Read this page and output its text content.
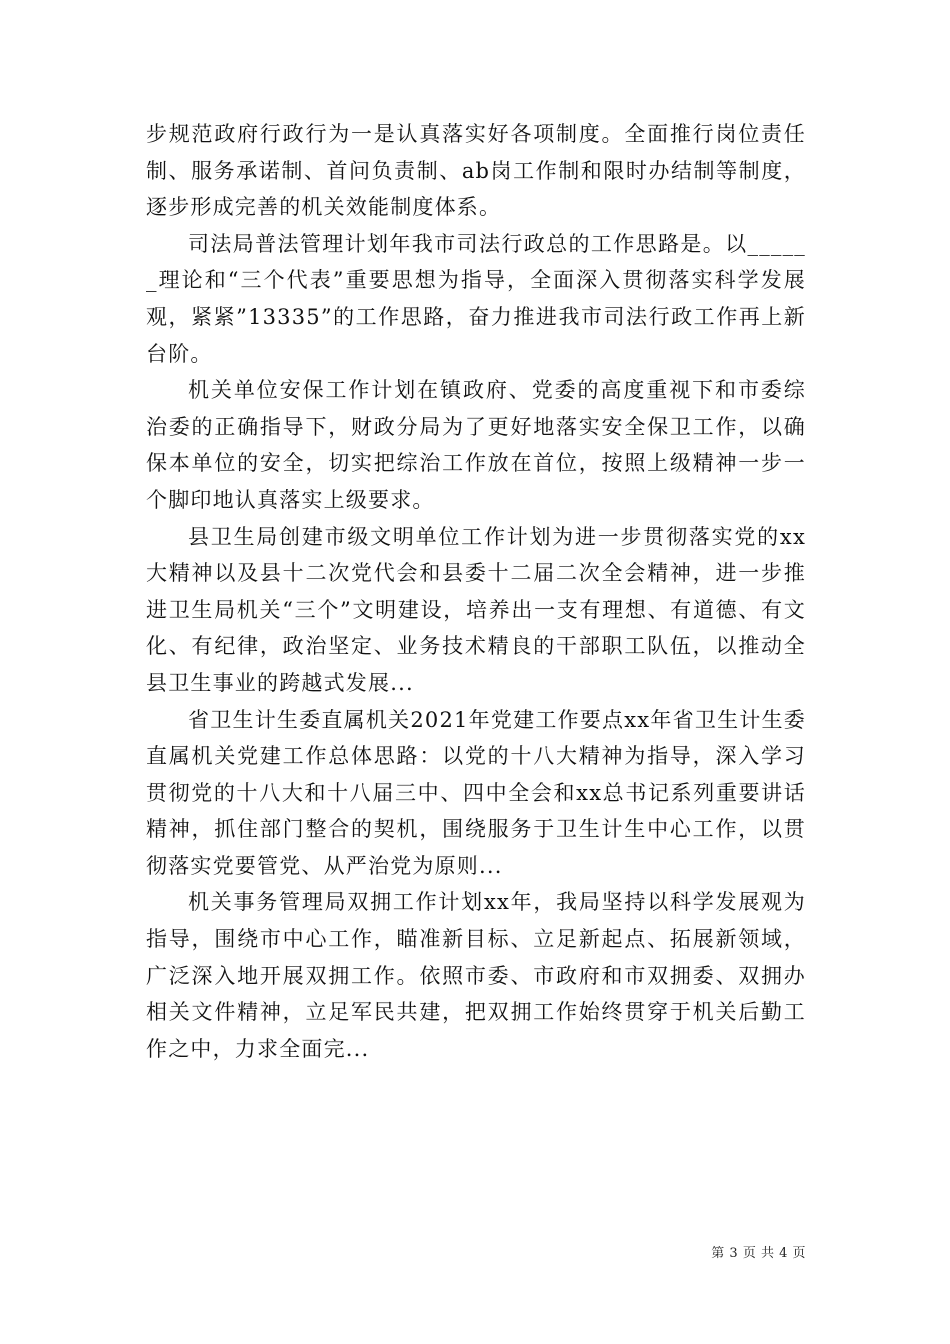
步规范政府行政行为一是认真落实好各项制度。全面推行岗位责任制、服务承诺制、首问负责制、ab岗工作制和限时办结制等制度，逐步形成完善的机关效能制度体系。

司法局普法管理计划年我市司法行政总的工作思路是。以______理论和“三个代表”重要思想为指导，全面深入贯彻落实科学发展观，紧紧”13335”的工作思路，奋力推进我市司法行政工作再上新台阶。

机关单位安保工作计划在镇政府、党委的高度重视下和市委综治委的正确指导下，财政分局为了更好地落实安全保卫工作，以确保本单位的安全，切实把综治工作放在首位，按照上级精神一步一个脚印地认真落实上级要求。

县卫生局创建市级文明单位工作计划为进一步贯彻落实党的xx大精神以及县十二次党代会和县委十二届二次全会精神，进一步推进卫生局机关“三个”文明建设，培养出一支有理想、有道德、有文化、有纪律，政治坚定、业务技术精良的干部职工队伍，以推动全县卫生事业的跨越式发展...

省卫生计生委直属机关2021年党建工作要点xx年省卫生计生委直属机关党建工作总体思路：以党的十八大精神为指导，深入学习贯彻党的十八大和十八届三中、四中全会和xx总书记系列重要讲话精神，抓住部门整合的契机，围绕服务于卫生计生中心工作，以贯彻落实党要管党、从严治党为原则...

机关事务管理局双拥工作计划xx年，我局坚持以科学发展观为指导，围绕市中心工作，瞄准新目标、立足新起点、拓展新领域，广泛深入地开展双拥工作。依照市委、市政府和市双拥委、双拥办相关文件精神，立足军民共建，把双拥工作始终贯穿于机关后勤工作之中，力求全面完...

第 3 页 共 4 页
